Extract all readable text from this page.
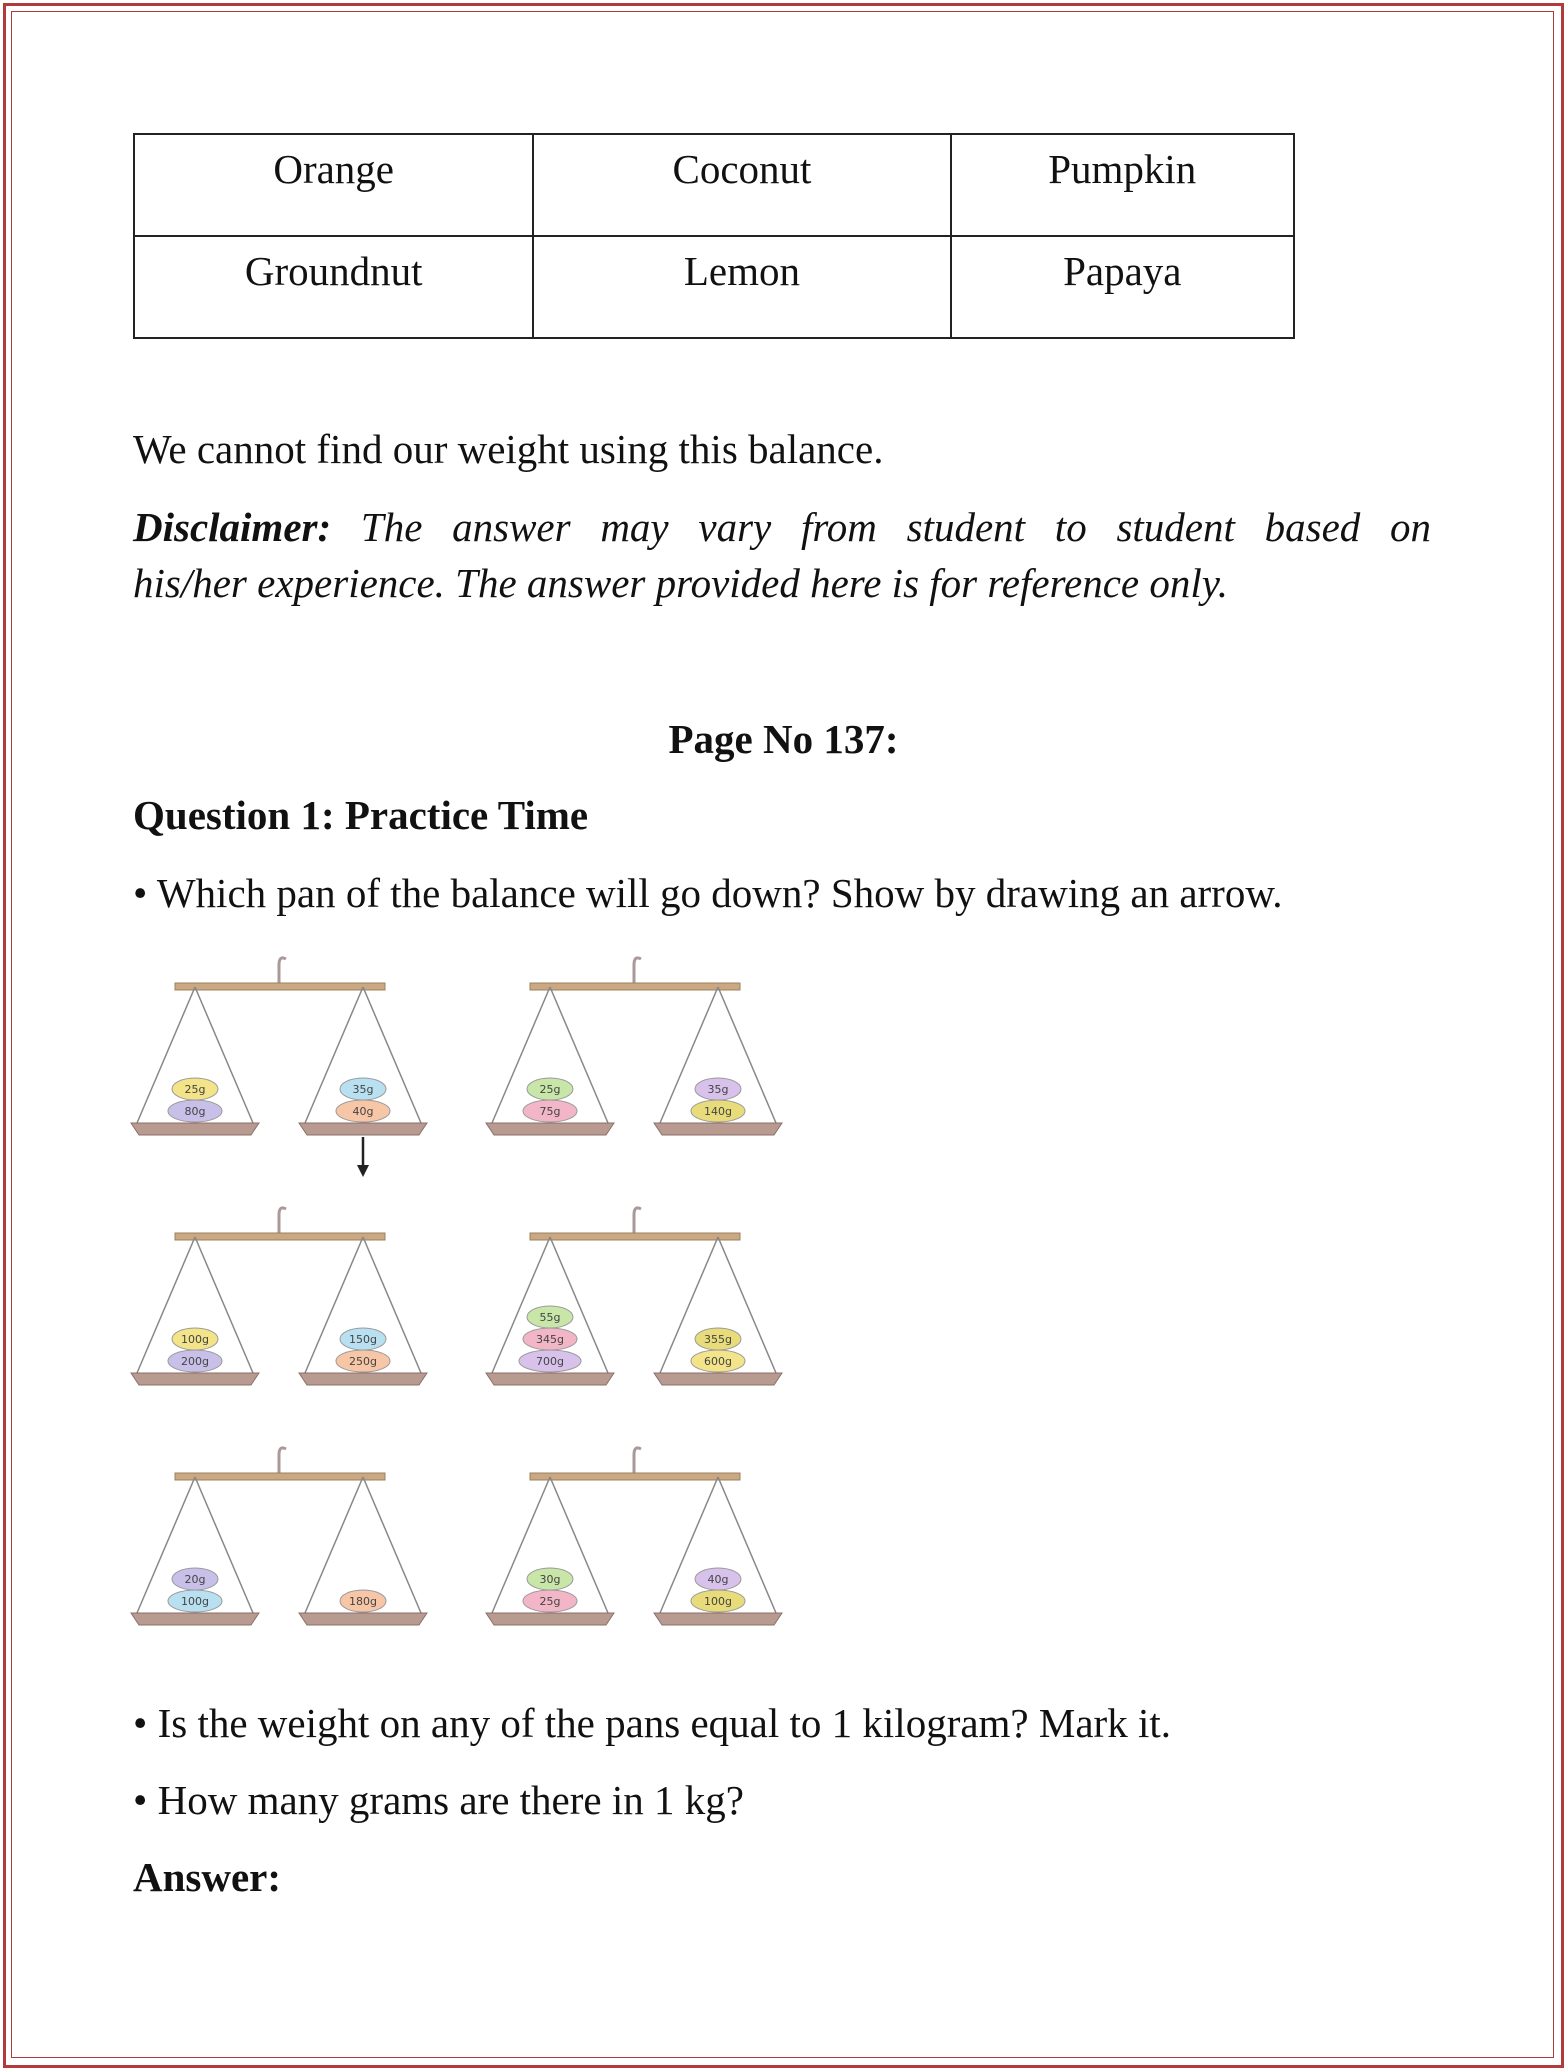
Orange	Coconut	Pumpkin
Groundnut	Lemon	Papaya
We cannot find our weight using this balance.
Disclaimer: The answer may vary from student to student based on
his/her experience. The answer provided here is for reference only.
Page No 137:
Question 1: Practice Time
• Which pan of the balance will go down? Show by drawing an arrow.
25g
80g
35g
40g
25g
75g
35g
140g
100g
200g
150g
250g
55g
345g
700g
355g
600g
20g
100g	180g
30g
25g
40g
100g
• Is the weight on any of the pans equal to 1 kilogram? Mark it.
• How many grams are there in 1 kg?
Answer:
